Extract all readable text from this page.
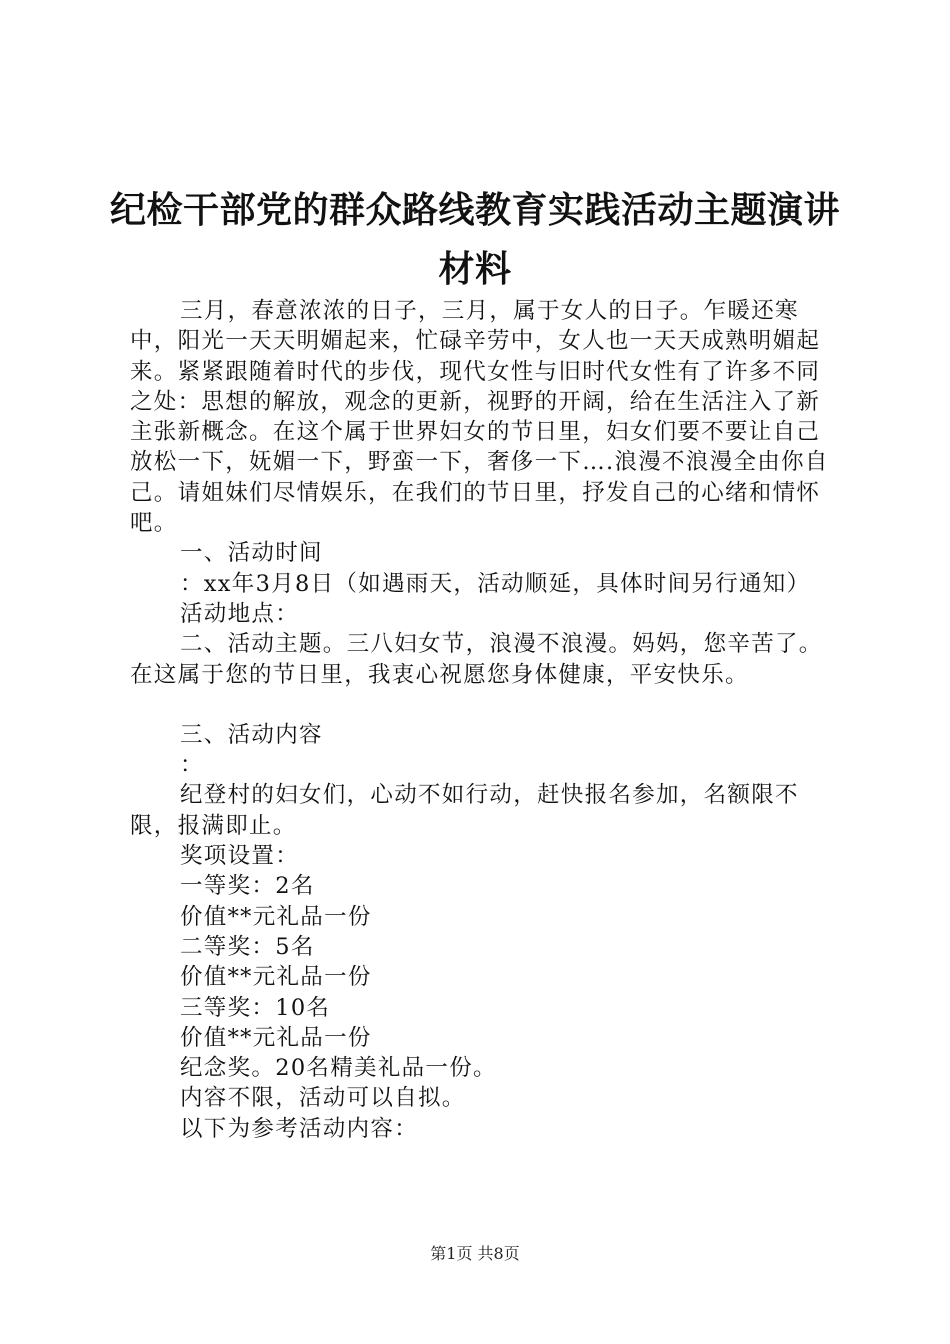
纪检干部党的群众路线教育实践活动主题演讲
材料

三月，春意浓浓的日子，三月，属于女人的日子。乍暖还寒中，阳光一天天明媚起来，忙碌辛劳中，女人也一天天成熟明媚起来。紧紧跟随着时代的步伐，现代女性与旧时代女性有了许多不同之处：思想的解放，观念的更新，视野的开阔，给在生活注入了新主张新概念。在这个属于世界妇女的节日里，妇女们要不要让自己放松一下，妩媚一下，野蛮一下，奢侈一下….浪漫不浪漫全由你自己。请姐妹们尽情娱乐，在我们的节日里，抒发自己的心绪和情怀吧。

一、活动时间

：xx年3月8日（如遇雨天，活动顺延，具体时间另行通知）

活动地点：

二、活动主题。三八妇女节，浪漫不浪漫。妈妈，您辛苦了。在这属于您的节日里，我衷心祝愿您身体健康，平安快乐。

三、活动内容

：

纪登村的妇女们，心动不如行动，赶快报名参加，名额限不限，报满即止。

奖项设置：

一等奖：2名

价值**元礼品一份

二等奖：5名

价值**元礼品一份

三等奖：10名

价值**元礼品一份

纪念奖。20名精美礼品一份。

内容不限，活动可以自拟。

以下为参考活动内容：

第1页 共8页
